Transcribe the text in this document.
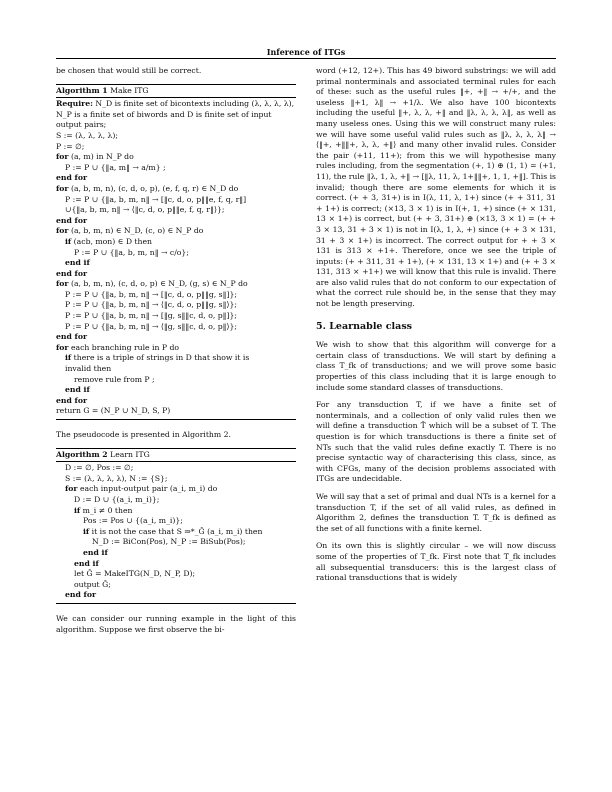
Inference of ITGs

be chosen that would still be correct.

Algorithm 1 Make ITG
Require: N_D is finite set of bicontexts including (λ, λ, λ, λ), N_P is a finite set of biwords and D is finite set of input output pairs;
S := (λ, λ, λ, λ);
P := ∅;
for (a, m) in N_P do
P := P ∪ {‖a, m‖ → a/m} ;
end for
for (a, b, m, n), (c, d, o, p), (e, f, q, r) ∈ N_D do
P := P ∪ {‖a, b, m, n‖ → [‖c, d, o, p‖‖e, f, q, r‖]
∪{‖a, b, m, n‖ → ⟨‖c, d, o, p‖‖e, f, q, r‖⟩};
end for
for (a, b, m, n) ∈ N_D, (c, o) ∈ N_P do
if (acb, mon) ∈ D then
P := P ∪ {‖a, b, m, n‖ → c/o};
end if
end for
for (a, b, m, n), (c, d, o, p) ∈ N_D, (g, s) ∈ N_P do
P := P ∪ {‖a, b, m, n‖ → [‖c, d, o, p‖‖g, s‖]};
P := P ∪ {‖a, b, m, n‖ → ⟨‖c, d, o, p‖‖g, s‖⟩};
P := P ∪ {‖a, b, m, n‖ → [‖g, s‖‖c, d, o, p‖]};
P := P ∪ {‖a, b, m, n‖ → ⟨‖g, s‖‖c, d, o, p‖⟩};
end for
for each branching rule in P do
if there is a triple of strings in D that show it is
invalid then
remove rule from P ;
end if
end for
return G = (N_P ∪ N_D, S, P)

The pseudocode is presented in Algorithm 2.

Algorithm 2 Learn ITG
D := ∅, Pos := ∅;
S := (λ, λ, λ, λ), N := {S};
for each input-output pair (a_i, m_i) do
D := D ∪ {(a_i, m_i)};
if m_i ≠ 0 then
Pos := Pos ∪ {(a_i, m_i)};
if it is not the case that S ⇒*_Ĝ (a_i, m_i) then
N_D := BiCon(Pos), N_P := BiSub(Pos);
end if
end if
let Ĝ = MakeITG(N_D, N_P, D);
output Ĝ;
end for

We can consider our running example in the light of this algorithm. Suppose we first observe the bi-

word (+12, 12+). This has 49 biword substrings: we will add primal nonterminals and associated terminal rules for each of these: such as the useful rules ‖+, +‖ → +/+, and the useless ‖+1, λ‖ → +1/λ. We also have 100 bicontexts including the useful ‖+, λ, λ, +‖ and ‖λ, λ, λ, λ‖, as well as many useless ones. Using this we will construct many rules: we will have some useful valid rules such as ‖λ, λ, λ, λ‖ → ⟨‖+, +‖‖+, λ, λ, +‖⟩ and many other invalid rules. Consider the pair (+11, 11+); from this we will hypothesise many rules including, from the segmentation (+, 1) ⊕ (1, 1) = (+1, 11), the rule ‖λ, 1, λ, +‖ → [‖λ, 11, λ, 1+‖‖+, 1, 1, +‖]. This is invalid; though there are some elements for which it is correct. (+ + 3, 31+) is in I(λ, 11, λ, 1+) since (+ + 311, 31 + 1+) is correct; (×13, 3 × 1) is in I(+, 1, +) since (+ × 131, 13 × 1+) is correct, but (+ + 3, 31+) ⊕ (×13, 3 × 1) = (+ + 3 × 13, 31 + 3 × 1) is not in I(λ, 1, λ, +) since (+ + 3 × 131, 31 + 3 × 1+) is incorrect. The correct output for + + 3 × 131 is 313 × +1+. Therefore, once we see the triple of inputs: (+ + 311, 31 + 1+), (+ × 131, 13 × 1+) and (+ + 3 × 131, 313 × +1+) we will know that this rule is invalid. There are also valid rules that do not conform to our expectation of what the correct rule should be, in the sense that they may not be length preserving.

5. Learnable class

We wish to show that this algorithm will converge for a certain class of transductions. We will start by defining a class T_fk of transductions; and we will prove some basic properties of this class including that it is large enough to include some standard classes of transductions.

For any transduction T, if we have a finite set of nonterminals, and a collection of only valid rules then we will define a transduction T̂ which will be a subset of T. The question is for which transductions is there a finite set of NTs such that the valid rules define exactly T. There is no precise syntactic way of characterising this class, since, as with CFGs, many of the decision problems associated with ITGs are undecidable.

We will say that a set of primal and dual NTs is a kernel for a transduction T, if the set of all valid rules, as defined in Algorithm 2, defines the transduction T. T_fk is defined as the set of all functions with a finite kernel.

On its own this is slightly circular – we will now discuss some of the properties of T_fk. First note that T_fk includes all subsequential transducers: this is the largest class of rational transductions that is widely
